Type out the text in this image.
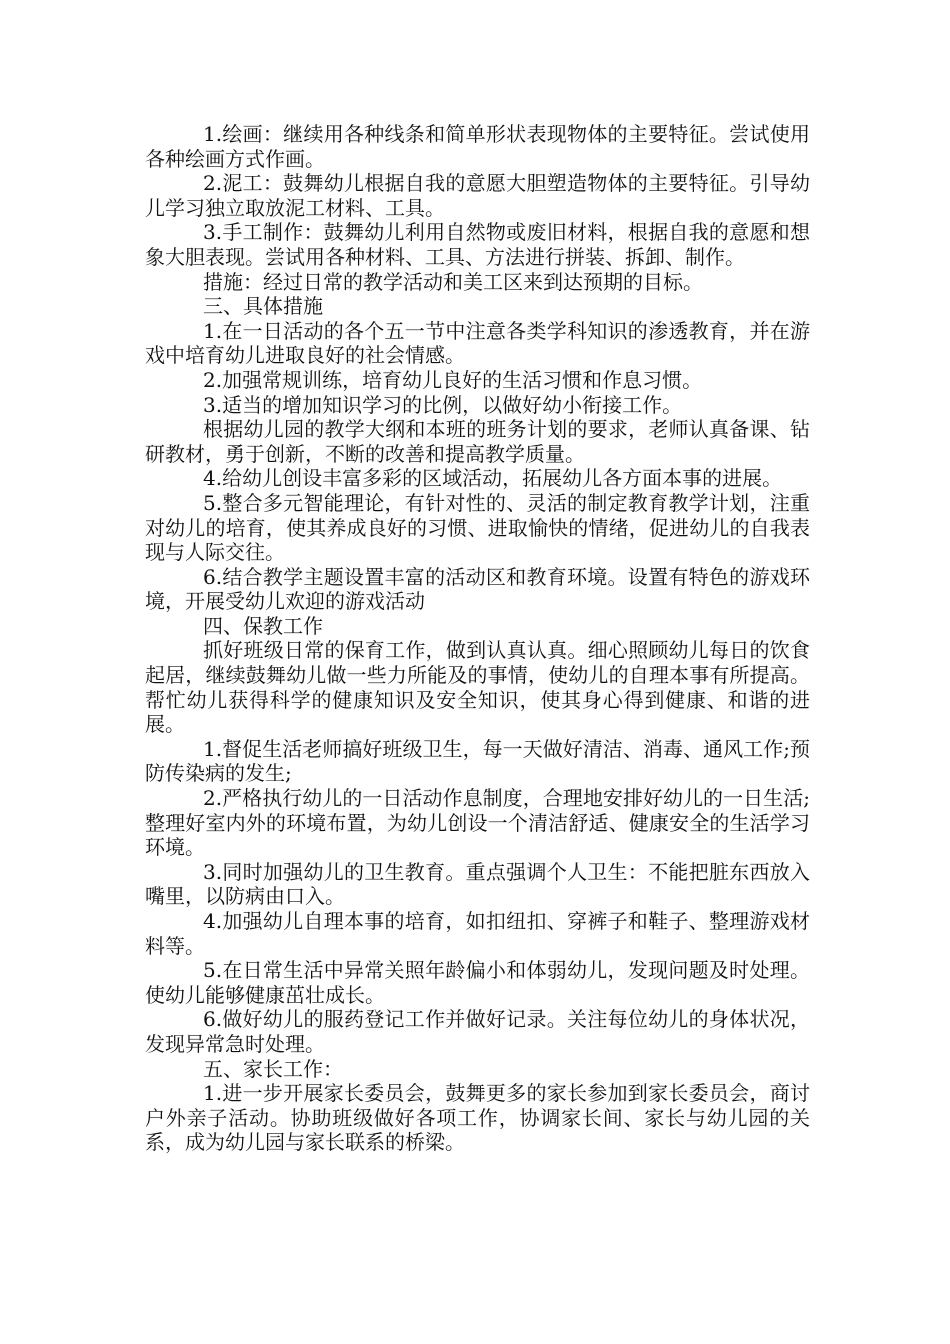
1.绘画：继续用各种线条和简单形状表现物体的主要特征。尝试使用各种绘画方式作画。

2.泥工：鼓舞幼儿根据自我的意愿大胆塑造物体的主要特征。引导幼儿学习独立取放泥工材料、工具。

3.手工制作：鼓舞幼儿利用自然物或废旧材料，根据自我的意愿和想象大胆表现。尝试用各种材料、工具、方法进行拼装、拆卸、制作。

措施：经过日常的教学活动和美工区来到达预期的目标。

三、具体措施

1.在一日活动的各个五一节中注意各类学科知识的渗透教育，并在游戏中培育幼儿进取良好的社会情感。

2.加强常规训练，培育幼儿良好的生活习惯和作息习惯。

3.适当的增加知识学习的比例，以做好幼小衔接工作。

根据幼儿园的教学大纲和本班的班务计划的要求，老师认真备课、钻研教材，勇于创新，不断的改善和提高教学质量。

4.给幼儿创设丰富多彩的区域活动，拓展幼儿各方面本事的进展。

5.整合多元智能理论，有针对性的、灵活的制定教育教学计划，注重对幼儿的培育，使其养成良好的习惯、进取愉快的情绪，促进幼儿的自我表现与人际交往。

6.结合教学主题设置丰富的活动区和教育环境。设置有特色的游戏环境，开展受幼儿欢迎的游戏活动

四、保教工作

抓好班级日常的保育工作，做到认真认真。细心照顾幼儿每日的饮食起居，继续鼓舞幼儿做一些力所能及的事情，使幼儿的自理本事有所提高。帮忙幼儿获得科学的健康知识及安全知识，使其身心得到健康、和谐的进展。

1.督促生活老师搞好班级卫生，每一天做好清洁、消毒、通风工作;预防传染病的发生;

2.严格执行幼儿的一日活动作息制度，合理地安排好幼儿的一日生活;整理好室内外的环境布置，为幼儿创设一个清洁舒适、健康安全的生活学习环境。

3.同时加强幼儿的卫生教育。重点强调个人卫生：不能把脏东西放入嘴里，以防病由口入。

4.加强幼儿自理本事的培育，如扣纽扣、穿裤子和鞋子、整理游戏材料等。

5.在日常生活中异常关照年龄偏小和体弱幼儿，发现问题及时处理。使幼儿能够健康茁壮成长。

6.做好幼儿的服药登记工作并做好记录。关注每位幼儿的身体状况，发现异常急时处理。

五、家长工作：

1.进一步开展家长委员会，鼓舞更多的家长参加到家长委员会，商讨户外亲子活动。协助班级做好各项工作，协调家长间、家长与幼儿园的关系，成为幼儿园与家长联系的桥梁。
